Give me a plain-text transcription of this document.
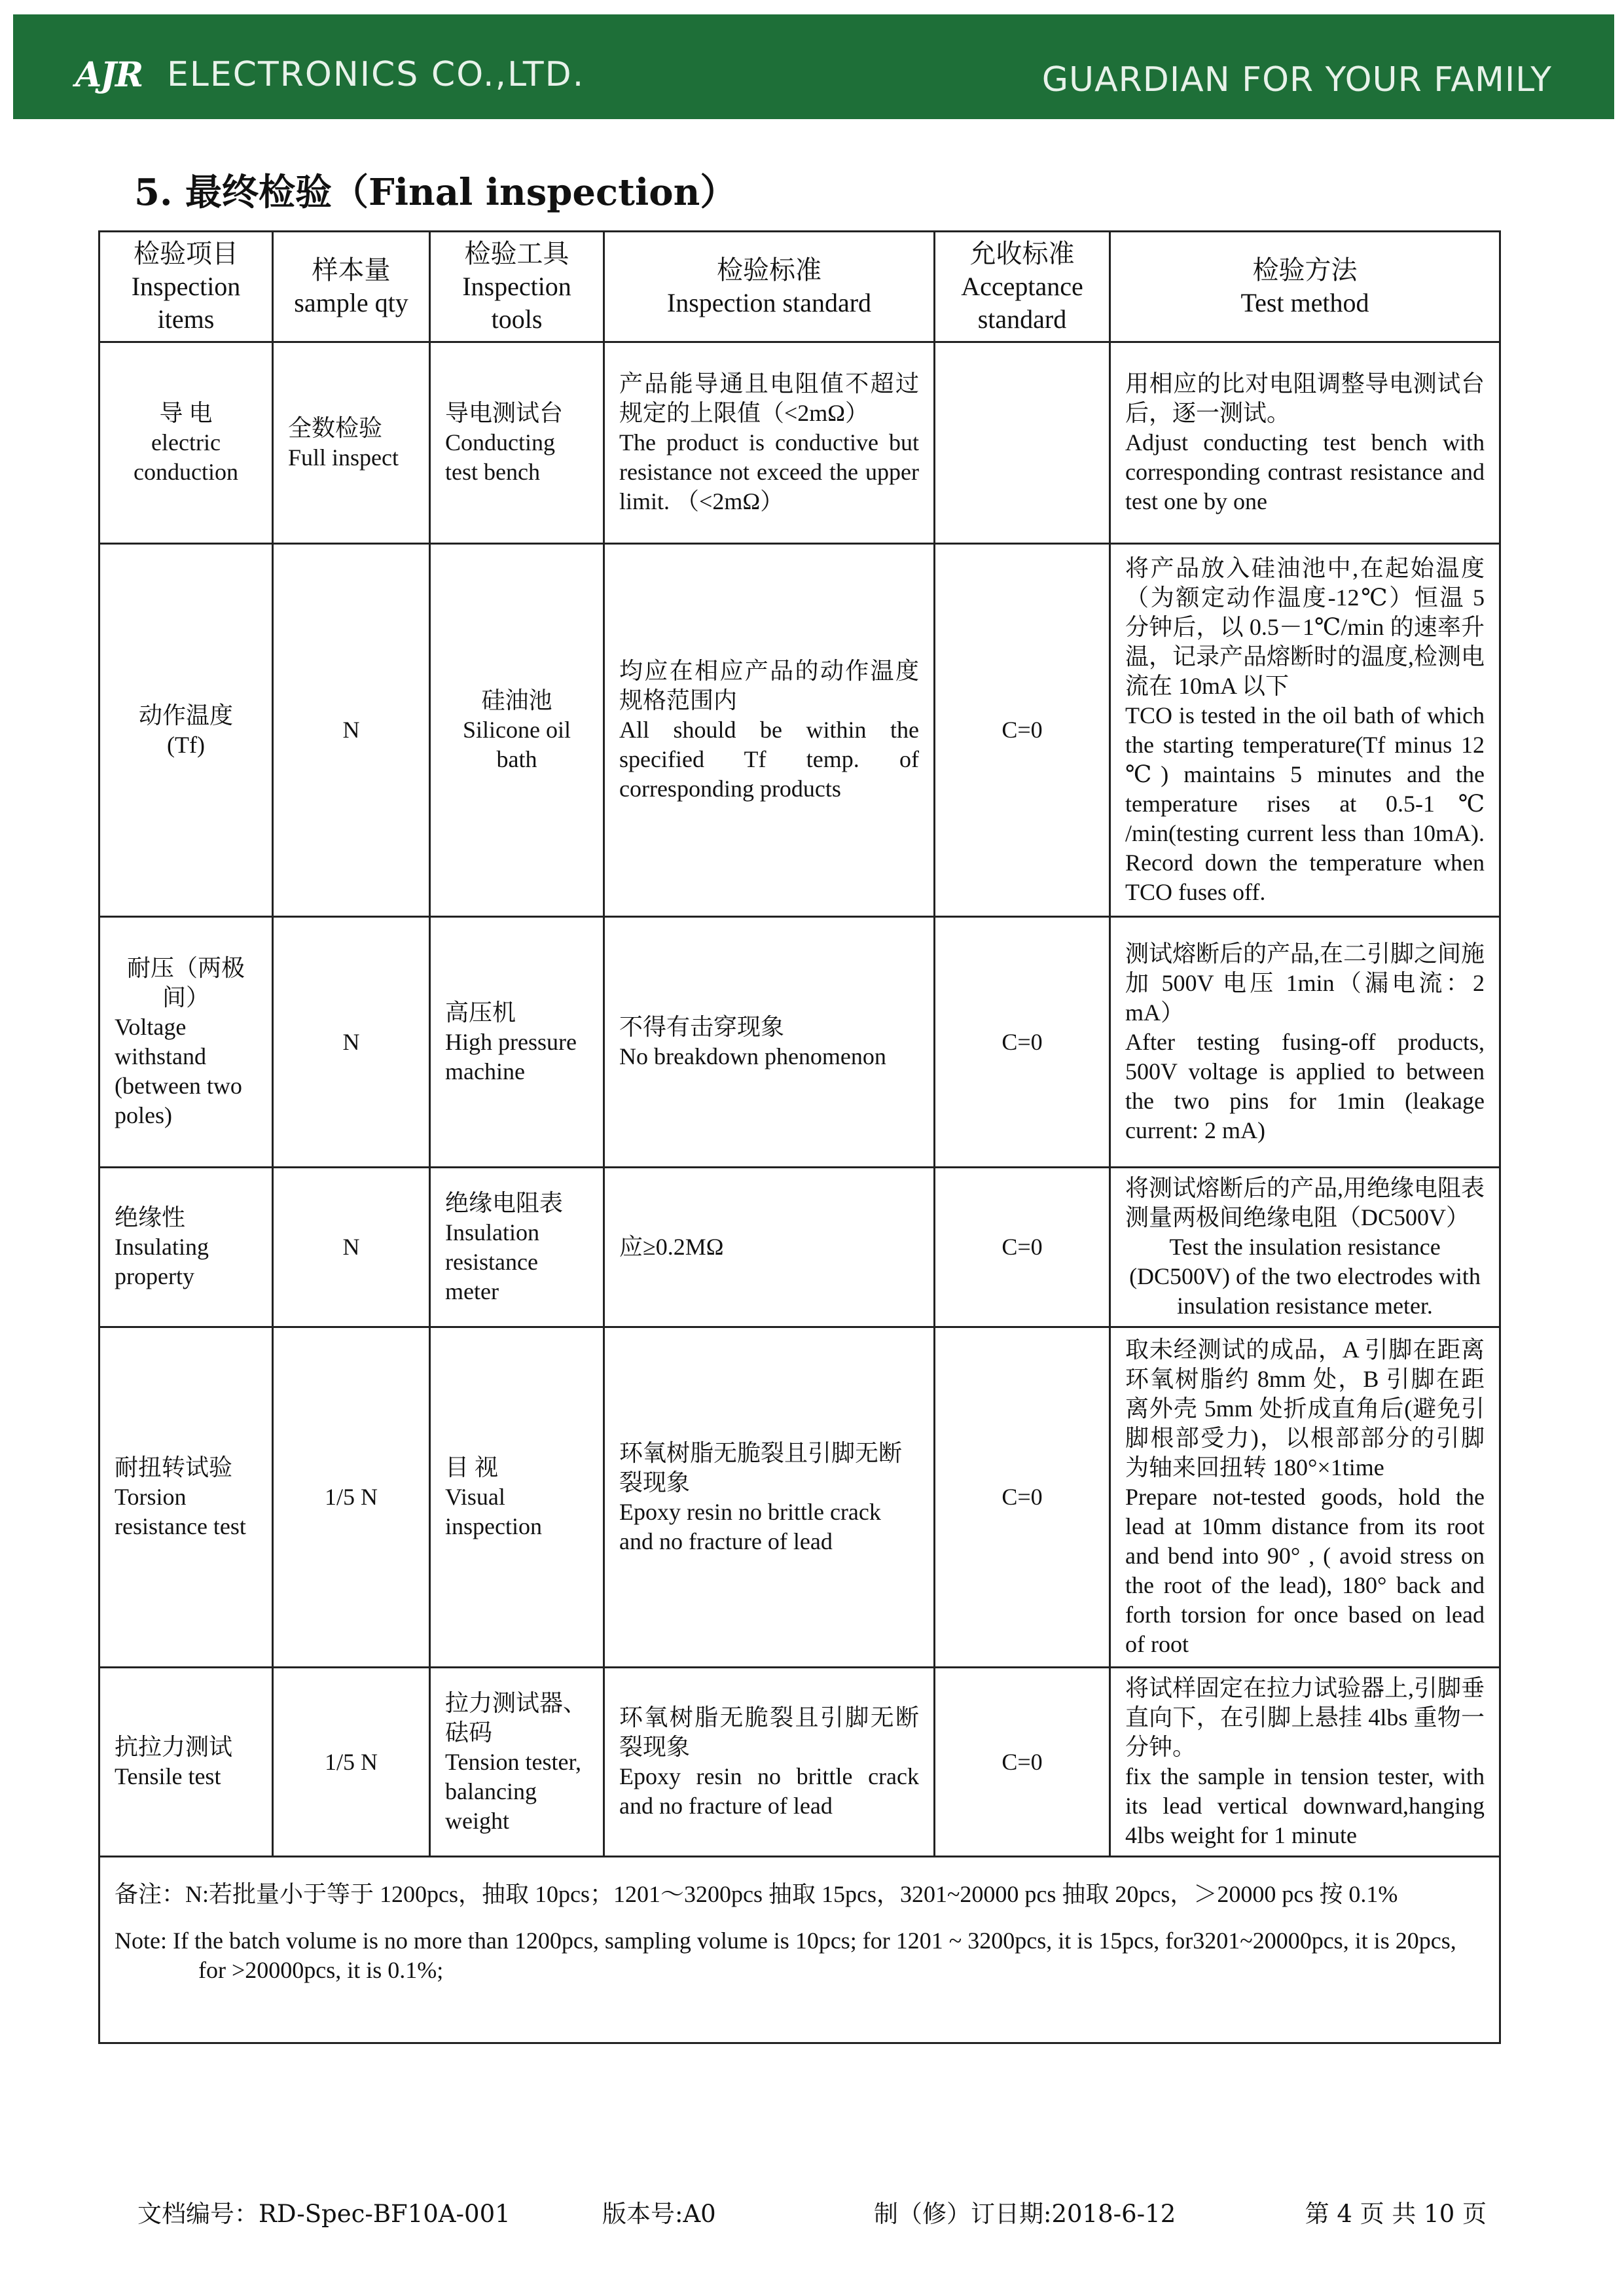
AJR ELECTRONICS CO.,LTD.	GUARDIAN FOR YOUR FAMILY
5. 最终检验（Final inspection）
检验项目
Inspection items	样本量
sample qty	检验工具
Inspection tools	检验标准
Inspection standard	允收标准
Acceptance standard	检验方法
Test method

导 电
electric conduction	全数检验
Full inspect	导电测试台
Conducting test bench	产品能导通且电阻值不超过规定的上限值（<2mΩ）
The product is conductive but resistance not exceed the upper limit. （<2mΩ）		用相应的比对电阻调整导电测试台后，逐一测试。
Adjust conducting test bench with corresponding contrast resistance and test one by one

动作温度
(Tf)	N	硅油池
Silicone oil bath	均应在相应产品的动作温度规格范围内
All should be within the specified Tf temp. of corresponding products	C=0	将产品放入硅油池中,在起始温度（为额定动作温度-12℃）恒温 5 分钟后，以 0.5－1℃/min 的速率升温，记录产品熔断时的温度,检测电流在 10mA 以下
TCO is tested in the oil bath of which the starting temperature(Tf minus 12 ℃) maintains 5 minutes and the temperature rises at 0.5-1℃ /min(testing current less than 10mA). Record down the temperature when TCO fuses off.

耐压（两极间）
Voltage withstand (between two poles)	N	高压机
High pressure machine	不得有击穿现象
No breakdown phenomenon	C=0	测试熔断后的产品,在二引脚之间施加 500V 电压 1min（漏电流：2 mA）
After testing fusing-off products, 500V voltage is applied to between the two pins for 1min (leakage current: 2 mA)

绝缘性
Insulating property	N	绝缘电阻表
Insulation resistance meter	应≥0.2MΩ	C=0	将测试熔断后的产品,用绝缘电阻表测量两极间绝缘电阻（DC500V）
Test the insulation resistance (DC500V) of the two electrodes with insulation resistance meter.

耐扭转试验
Torsion resistance test	1/5 N	目 视
Visual inspection	环氧树脂无脆裂且引脚无断裂现象
Epoxy resin no brittle crack and no fracture of lead	C=0	取未经测试的成品，A 引脚在距离环氧树脂约 8mm 处，B 引脚在距离外壳 5mm 处折成直角后(避免引脚根部受力)，以根部部分的引脚为轴来回扭转 180°×1time
Prepare not-tested goods, hold the lead at 10mm distance from its root and bend into 90° , ( avoid stress on the root of the lead), 180° back and forth torsion for once based on lead of root

抗拉力测试
Tensile test	1/5 N	拉力测试器、砝码
Tension tester, balancing weight	环氧树脂无脆裂且引脚无断裂现象
Epoxy resin no brittle crack and no fracture of lead	C=0	将试样固定在拉力试验器上,引脚垂直向下，在引脚上悬挂 4lbs 重物一分钟。
fix the sample in tension tester, with its lead vertical downward,hanging 4lbs weight for 1 minute

备注：N:若批量小于等于 1200pcs，抽取 10pcs；1201～3200pcs 抽取 15pcs，3201~20000 pcs 抽取 20pcs，＞20000 pcs 按 0.1%

Note: If the batch volume is no more than 1200pcs, sampling volume is 10pcs; for 1201 ~ 3200pcs, it is 15pcs, for3201~20000pcs, it is 20pcs, for >20000pcs, it is 0.1%;					

文档编号：RD-Spec-BF10A-001	版本号:A0	制（修）订日期:2018-6-12	第 4 页 共 10 页
